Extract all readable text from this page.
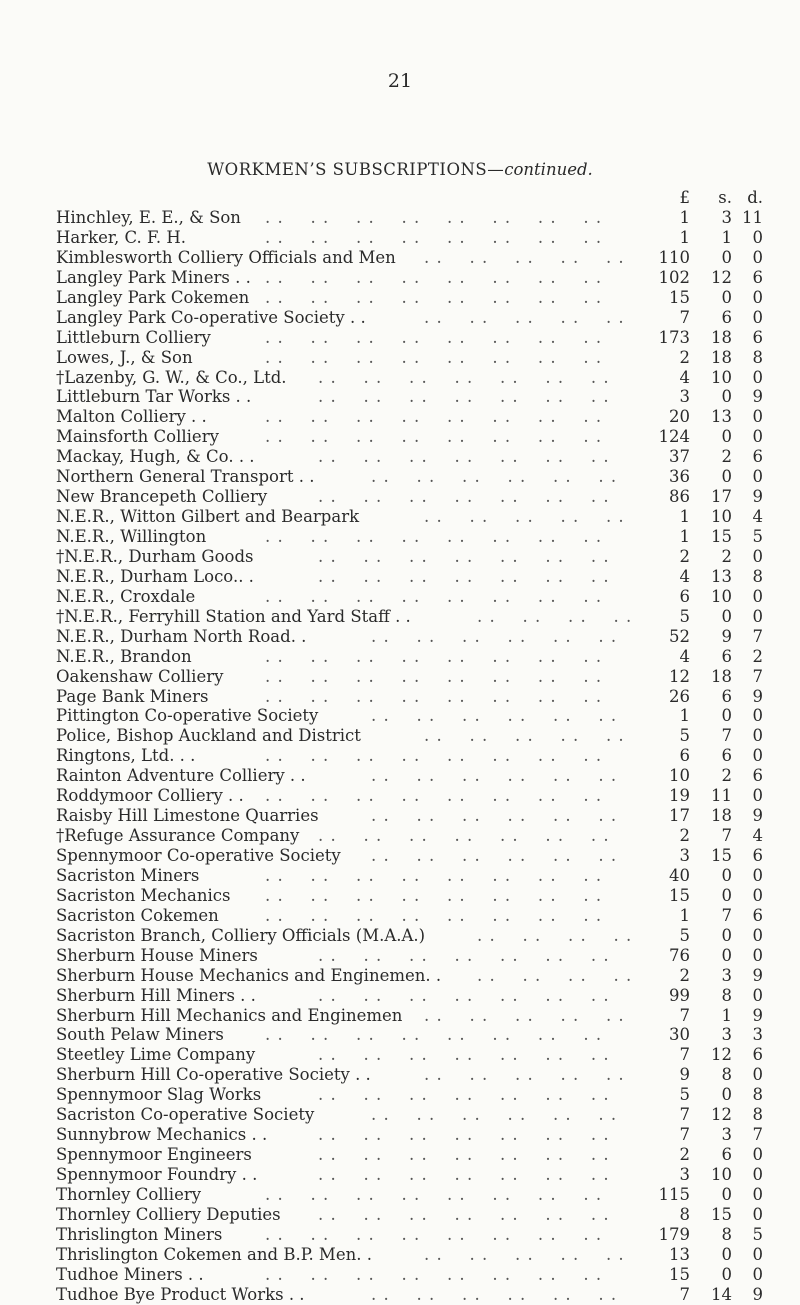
21
WORKMEN’S SUBSCRIPTIONS—continued.
£	s. d.
Hinchley, E. E., & Son . .  . .  . .  . .  . .  . .  . .  . .	1	3 11
Harker, C. F. H.	. .  . .  . .  . .  . .  . .  . .  . .	1	1	0
Kimblesworth Colliery Officials and Men . .  . .  . .  . .  . .	110	0	0
Langley Park Miners . . . .  . .  . .  . .  . .  . .  . .  . .	102	12	6
Langley Park Cokemen . .  . .  . .  . .  . .  . .  . .  . .	15	0	0
Langley Park Co-operative Society . .	. .  . .  . .  . .  . .	7	6	0
Littleburn Colliery	. .  . .  . .  . .  . .  . .  . .  . .	173	18	6
Lowes, J., & Son	. .  . .  . .  . .  . .  . .  . .  . .	2	18	8
†Lazenby, G. W., & Co., Ltd. . .  . .  . .  . .  . .  . .  . .	4	10	0
Littleburn Tar Works . .	. .  . .  . .  . .  . .  . .  . .	3	0	9
Malton Colliery . .	. .  . .  . .  . .  . .  . .  . .  . .	20	13	0
Mainsforth Colliery	. .  . .  . .  . .  . .  . .  . .  . .	124	0	0
Mackay, Hugh, & Co. . .	. .  . .  . .  . .  . .  . .  . .	37	2	6
Northern General Transport . .	. .  . .  . .  . .  . .  . .	36	0	0
New Brancepeth Colliery	. .  . .  . .  . .  . .  . .  . .	86	17	9
N.E.R., Witton Gilbert and Bearpark	. .  . .  . .  . .  . .	1	10	4
N.E.R., Willington	. .  . .  . .  . .  . .  . .  . .  . .	1	15	5
†N.E.R., Durham Goods	. .  . .  . .  . .  . .  . .  . .	2	2	0
N.E.R., Durham Loco.. .	. .  . .  . .  . .  . .  . .  . .	4	13	8
N.E.R., Croxdale	. .  . .  . .  . .  . .  . .  . .  . .	6	10	0
†N.E.R., Ferryhill Station and Yard Staff . .	. .  . .  . .  . .	5	0	0
N.E.R., Durham North Road. .	. .  . .  . .  . .  . .  . .	52	9	7
N.E.R., Brandon	. .  . .  . .  . .  . .  . .  . .  . .	4	6	2
Oakenshaw Colliery	. .  . .  . .  . .  . .  . .  . .  . .	12	18	7
Page Bank Miners	. .  . .  . .  . .  . .  . .  . .  . .	26	6	9
Pittington Co-operative Society	. .  . .  . .  . .  . .  . .	1	0	0
Police, Bishop Auckland and District	. .  . .  . .  . .  . .	5	7	0
Ringtons, Ltd. . .	. .  . .  . .  . .  . .  . .  . .  . .	6	6	0
Rainton Adventure Colliery . .	. .  . .  . .  . .  . .  . .	10	2	6
Roddymoor Colliery . . . .  . .  . .  . .  . .  . .  . .  . .	19	11	0
Raisby Hill Limestone Quarries	. .  . .  . .  . .  . .  . .	17	18	9
†Refuge Assurance Company . .  . .  . .  . .  . .  . .  . .	2	7	4
Spennymoor Co-operative Society . .  . .  . .  . .  . .  . .	3	15	6
Sacriston Miners	. .  . .  . .  . .  . .  . .  . .  . .	40	0	0
Sacriston Mechanics . .  . .  . .  . .  . .  . .  . .  . .	15	0	0
Sacriston Cokemen	. .  . .  . .  . .  . .  . .  . .  . .	1	7	6
Sacriston Branch, Colliery Officials (M.A.A.)	. .  . .  . .  . .	5	0	0
Sherburn House Miners	. .  . .  . .  . .  . .  . .  . .	76	0	0
Sherburn House Mechanics and Enginemen. . . .  . .  . .  . .	2	3	9
Sherburn Hill Miners . .	. .  . .  . .  . .  . .  . .  . .	99	8	0
Sherburn Hill Mechanics and Enginemen . .  . .  . .  . .  . .	7	1	9
South Pelaw Miners . .  . .  . .  . .  . .  . .  . .  . .	30	3	3
Steetley Lime Company	. .  . .  . .  . .  . .  . .  . .	7	12	6
Sherburn Hill Co-operative Society . .	. .  . .  . .  . .  . .	9	8	0
Spennymoor Slag Works	. .  . .  . .  . .  . .  . .  . .	5	0	8
Sacriston Co-operative Society	. .  . .  . .  . .  . .  . .	7	12	8
Sunnybrow Mechanics . .	. .  . .  . .  . .  . .  . .  . .	7	3	7
Spennymoor Engineers	. .  . .  . .  . .  . .  . .  . .	2	6	0
Spennymoor Foundry . .	. .  . .  . .  . .  . .  . .  . .	3	10	0
Thornley Colliery	. .  . .  . .  . .  . .  . .  . .  . .	115	0	0
Thornley Colliery Deputies . .  . .  . .  . .  . .  . .  . .	8	15	0
Thrislington Miners	. .  . .  . .  . .  . .  . .  . .  . .	179	8	5
Thrislington Cokemen and B.P. Men. .	. .  . .  . .  . .  . .	13	0	0
Tudhoe Miners . .	. .  . .  . .  . .  . .  . .  . .  . .	15	0	0
Tudhoe Bye Product Works . .	. .  . .  . .  . .  . .  . .	7	14	9
